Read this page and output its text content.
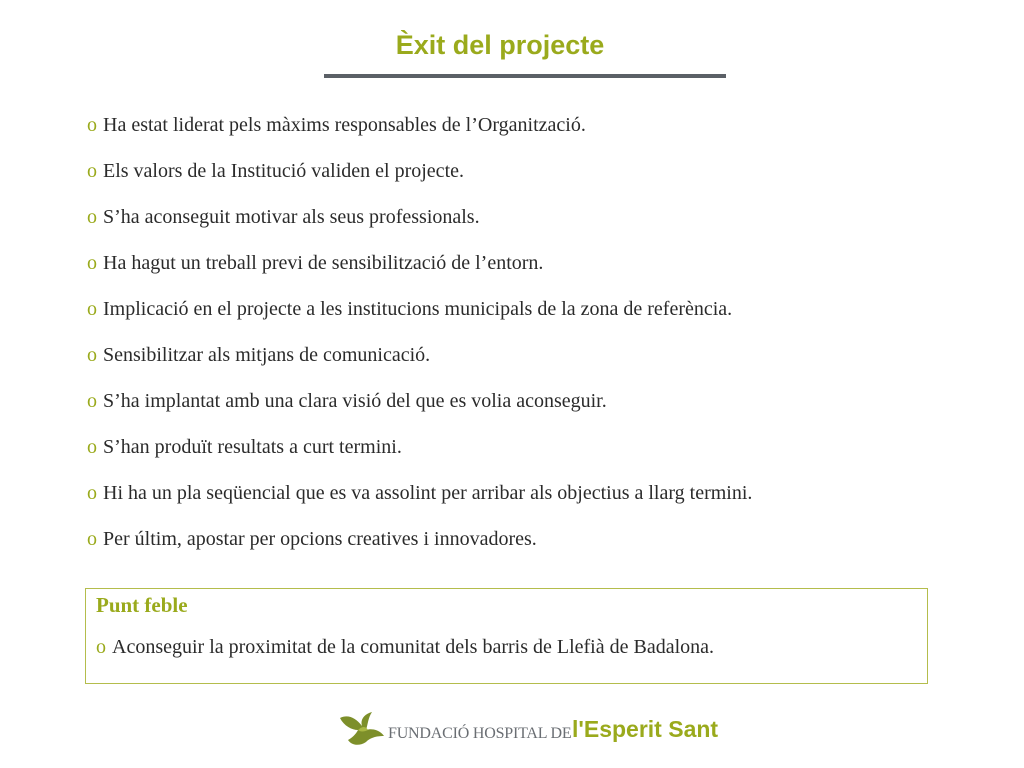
Èxit del projecte
o Ha estat liderat pels màxims responsables de l’Organització.
o Els valors de la Institució validen el projecte.
o S’ha aconseguit motivar als seus professionals.
o Ha hagut un treball previ de sensibilització de l’entorn.
o Implicació en el projecte a les institucions municipals de la zona de referència.
o Sensibilitzar als mitjans de comunicació.
o S’ha implantat amb una clara visió del que es volia aconseguir.
o S’han produït resultats a curt termini.
o Hi ha un pla seqüencial que es va assolint per arribar als objectius a llarg termini.
o Per últim, apostar per opcions creatives i innovadores.
Punt feble
o Aconseguir la proximitat de la comunitat dels barris de Llefià de Badalona.
FUNDACIÓ HOSPITAL DE l'Esperit Sant
